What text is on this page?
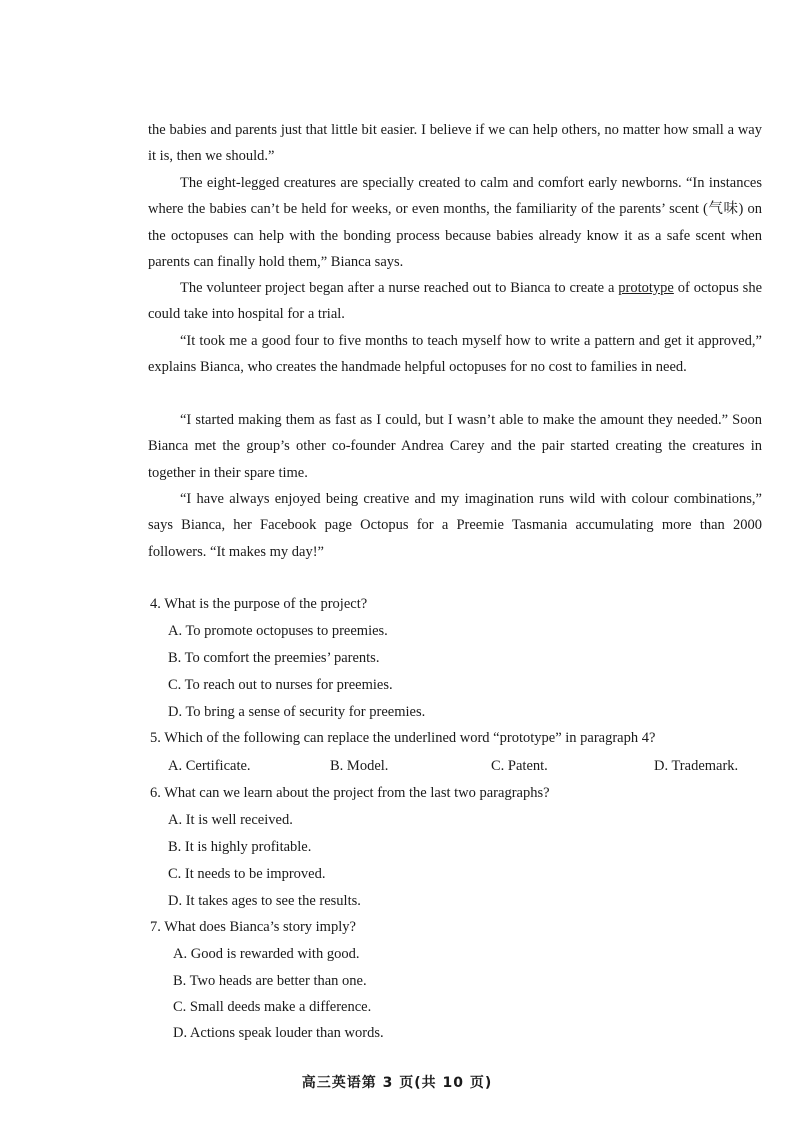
the babies and parents just that little bit easier. I believe if we can help others, no matter how small a way it is, then we should.”

The eight-legged creatures are specially created to calm and comfort early newborns. “In instances where the babies can’t be held for weeks, or even months, the familiarity of the parents’ scent (气味) on the octopuses can help with the bonding process because babies already know it as a safe scent when parents can finally hold them,” Bianca says.

The volunteer project began after a nurse reached out to Bianca to create a prototype of octopus she could take into hospital for a trial.

“It took me a good four to five months to teach myself how to write a pattern and get it approved,” explains Bianca, who creates the handmade helpful octopuses for no cost to families in need.

“I started making them as fast as I could, but I wasn’t able to make the amount they needed.” Soon Bianca met the group’s other co-founder Andrea Carey and the pair started creating the creatures in together in their spare time.

“I have always enjoyed being creative and my imagination runs wild with colour combinations,” says Bianca, her Facebook page Octopus for a Preemie Tasmania accumulating more than 2000 followers. “It makes my day!”

4. What is the purpose of the project?

A. To promote octopuses to preemies.

B. To comfort the preemies’ parents.

C. To reach out to nurses for preemies.

D. To bring a sense of security for preemies.

5. Which of the following can replace the underlined word “prototype” in paragraph 4?

A. Certificate.	B. Model.	C. Patent.	D. Trademark.

6. What can we learn about the project from the last two paragraphs?

A. It is well received.

B. It is highly profitable.

C. It needs to be improved.

D. It takes ages to see the results.

7. What does Bianca’s story imply?

A. Good is rewarded with good.

B. Two heads are better than one.

C. Small deeds make a difference.

D. Actions speak louder than words.

高三英语第 3 页(共 10 页)
